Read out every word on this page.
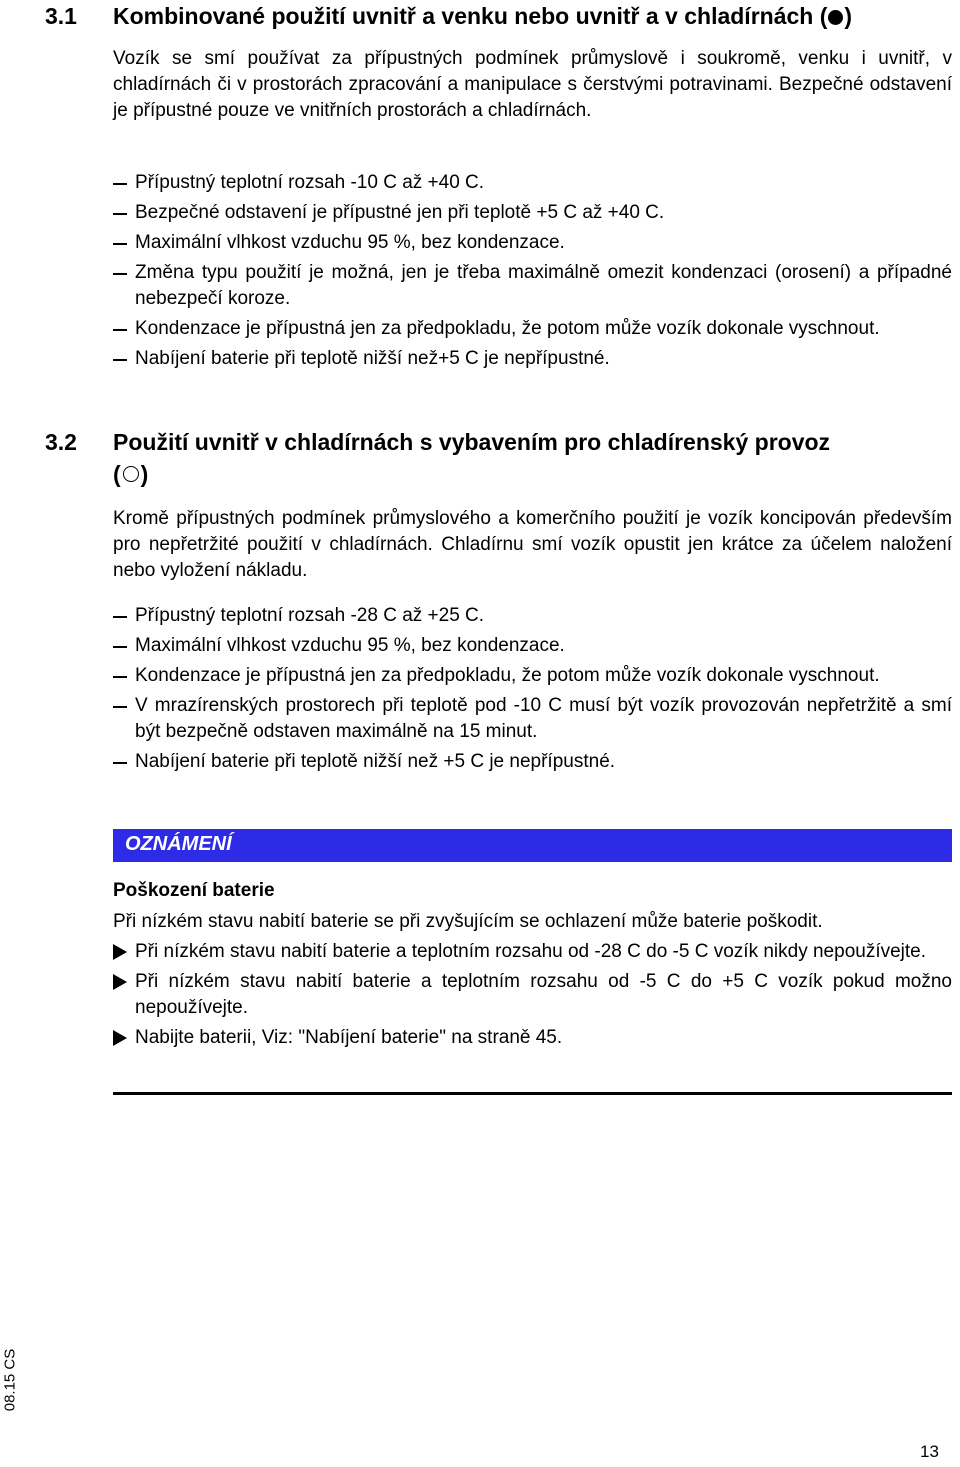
3.1 Kombinované použití uvnitř a venku nebo uvnitř a v chladírnách ( )

Vozík se smí používat za přípustných podmínek průmyslově i soukromě, venku i uvnitř, v chladírnách či v prostorách zpracování a manipulace s čerstvými potravinami. Bezpečné odstavení je přípustné pouze ve vnitřních prostorách a chladírnách.

Přípustný teplotní rozsah -10 C až +40 C.
Bezpečné odstavení je přípustné jen při teplotě +5 C až +40 C.
Maximální vlhkost vzduchu 95 %, bez kondenzace.
Změna typu použití je možná, jen je třeba maximálně omezit kondenzaci (orosení) a případné nebezpečí koroze.
Kondenzace je přípustná jen za předpokladu, že potom může vozík dokonale vyschnout.
Nabíjení baterie při teplotě nižší než+5 C je nepřípustné.
3.2 Použití uvnitř v chladírnách s vybavením pro chladírenský provoz
( )

Kromě přípustných podmínek průmyslového a komerčního použití je vozík koncipován především pro nepřetržité použití v chladírnách. Chladírnu smí vozík opustit jen krátce za účelem naložení nebo vyložení nákladu.

Přípustný teplotní rozsah -28 C až +25 C.
Maximální vlhkost vzduchu 95 %, bez kondenzace.
Kondenzace je přípustná jen za předpokladu, že potom může vozík dokonale vyschnout.
V mrazírenských prostorech při teplotě pod -10 C musí být vozík provozován nepřetržitě a smí být bezpečně odstaven maximálně na 15 minut.
Nabíjení baterie při teplotě nižší než +5 C je nepřípustné.
OZNÁMENÍ
Poškození baterie

Při nízkém stavu nabití baterie se při zvyšujícím se ochlazení může baterie poškodit.

Při nízkém stavu nabití baterie a teplotním rozsahu od -28 C do -5 C vozík nikdy nepoužívejte.
Při nízkém stavu nabití baterie a teplotním rozsahu od -5 C do +5 C vozík pokud možno nepoužívejte.
Nabijte baterii, Viz: "Nabíjení baterie" na straně 45.
08.15 CS
13
